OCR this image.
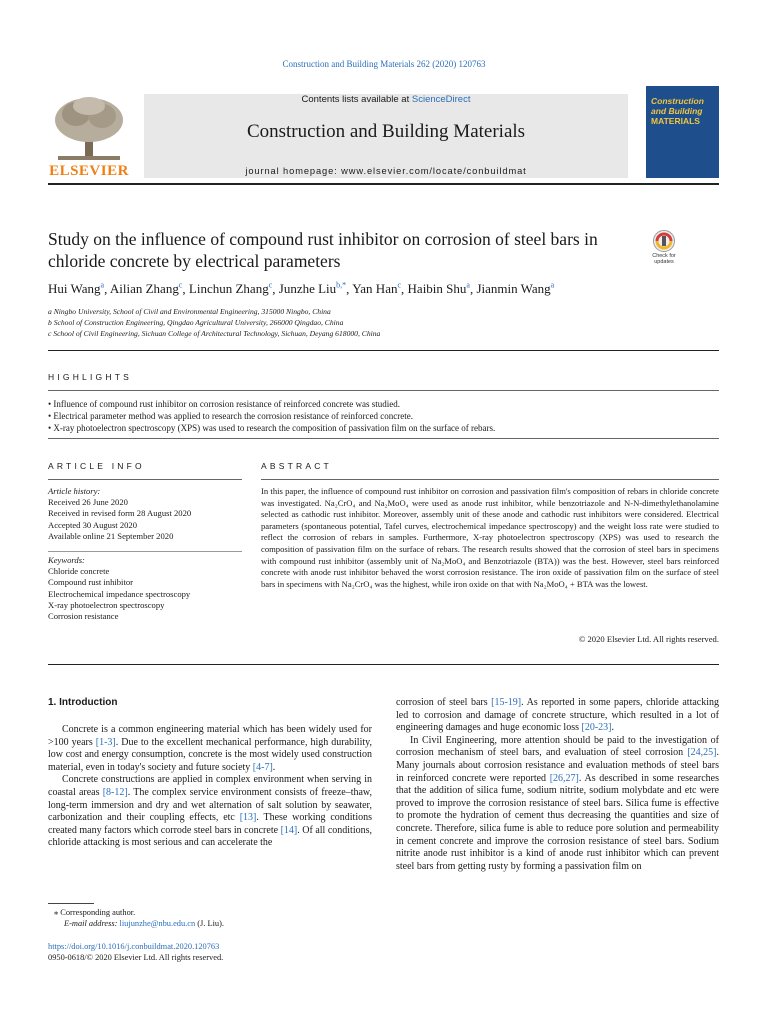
Construction and Building Materials 262 (2020) 120763
ELSEVIER
Contents lists available at ScienceDirect
Construction and Building Materials
journal homepage: www.elsevier.com/locate/conbuildmat
Construction
and Building
MATERIALS
Study on the influence of compound rust inhibitor on corrosion of steel bars in chloride concrete by electrical parameters	Check for
updates
Hui Wang$^a$, Ailian Zhang$^c$, Linchun Zhang$^c$, Junzhe Liu$^{b,*}$, Yan Han$^c$, Haibin Shu$^a$, Jianmin Wang$^a$
a Ningbo University, School of Civil and Environmental Engineering, 315000 Ningbo, China
b School of Construction Engineering, Qingdao Agricultural University, 266000 Qingdao, China
c School of Civil Engineering, Sichuan College of Architectural Technology, Sichuan, Deyang 618000, China
HIGHLIGHTS
• Influence of compound rust inhibitor on corrosion resistance of reinforced concrete was studied.
• Electrical parameter method was applied to research the corrosion resistance of reinforced concrete.
• X-ray photoelectron spectroscopy (XPS) was used to research the composition of passivation film on the surface of rebars.
ARTICLE INFO
Article history:
Received 26 June 2020
Received in revised form 28 August 2020
Accepted 30 August 2020
Available online 21 September 2020
Keywords:
Chloride concrete
Compound rust inhibitor
Electrochemical impedance spectroscopy
X-ray photoelectron spectroscopy
Corrosion resistance
ABSTRACT
In this paper, the influence of compound rust inhibitor on corrosion and passivation film's composition of rebars in chloride concrete was investigated. Na₂CrO₄ and Na₂MoO₄ were used as anode rust inhibitor, while benzotriazole and N-N-dimethylethanolamine selected as cathodic rust inhibitor. Moreover, assembly unit of these anode and cathodic rust inhibitors were considered. Electrical parameters (spontaneous potential, Tafel curves, electrochemical impedance spectroscopy) and the weight loss rate were studied to reflect the corrosion of rebars in samples. Furthermore, X-ray photoelectron spectroscopy (XPS) was used to research the composition of passivation film on the surface of rebars. The research results showed that the corrosion of steel bars in specimens with compound rust inhibitor (assembly unit of Na₂MoO₄ and Benzotriazole (BTA)) was the best. However, steel bars reinforced concrete with anode rust inhibitor behaved the worst corrosion resistance. The iron oxide of passivation film on the surface of steel bars in specimens with Na₂CrO₄ was the highest, while iron oxide on that with Na₂MoO₄ + BTA was the lowest.
© 2020 Elsevier Ltd. All rights reserved.
1. Introduction

Concrete is a common engineering material which has been widely used for >100 years [1-3]. Due to the excellent mechanical performance, high durability, low cost and energy consumption, concrete is the most widely used construction material, even in today's society and future society [4-7].

Concrete constructions are applied in complex environment when serving in coastal areas [8-12]. The complex service environment consists of freeze–thaw, long-term immersion and dry and wet alternation of salt solution by seawater, carbonization and their coupling effects, etc [13]. These working conditions created many factors which corrode steel bars in concrete [14]. Of all conditions, chloride attacking is most serious and can accelerate the

corrosion of steel bars [15-19]. As reported in some papers, chloride attacking led to corrosion and damage of concrete structure, which resulted in a lot of engineering damages and huge economic loss [20-23].

In Civil Engineering, more attention should be paid to the investigation of corrosion mechanism of steel bars, and evaluation of steel corrosion [24,25]. Many journals about corrosion resistance and evaluation methods of steel bars in reinforced concrete were reported [26,27]. As described in some researches that the addition of silica fume, sodium nitrite, sodium molybdate and etc were proved to improve the corrosion resistance of steel bars. Silica fume is effective to promote the hydration of cement thus decreasing the quantities and size of concrete. Therefore, silica fume is able to reduce pore solution and permeability in cement concrete and improve the corrosion resistance of steel bars. Sodium nitrite anode rust inhibitor is a kind of anode rust inhibitor which can prevent steel bars from getting rusty by forming a passivation film on

⁎ Corresponding author.
E-mail address: liujunzhe@nbu.edu.cn (J. Liu).
https://doi.org/10.1016/j.conbuildmat.2020.120763
0950-0618/© 2020 Elsevier Ltd. All rights reserved.
